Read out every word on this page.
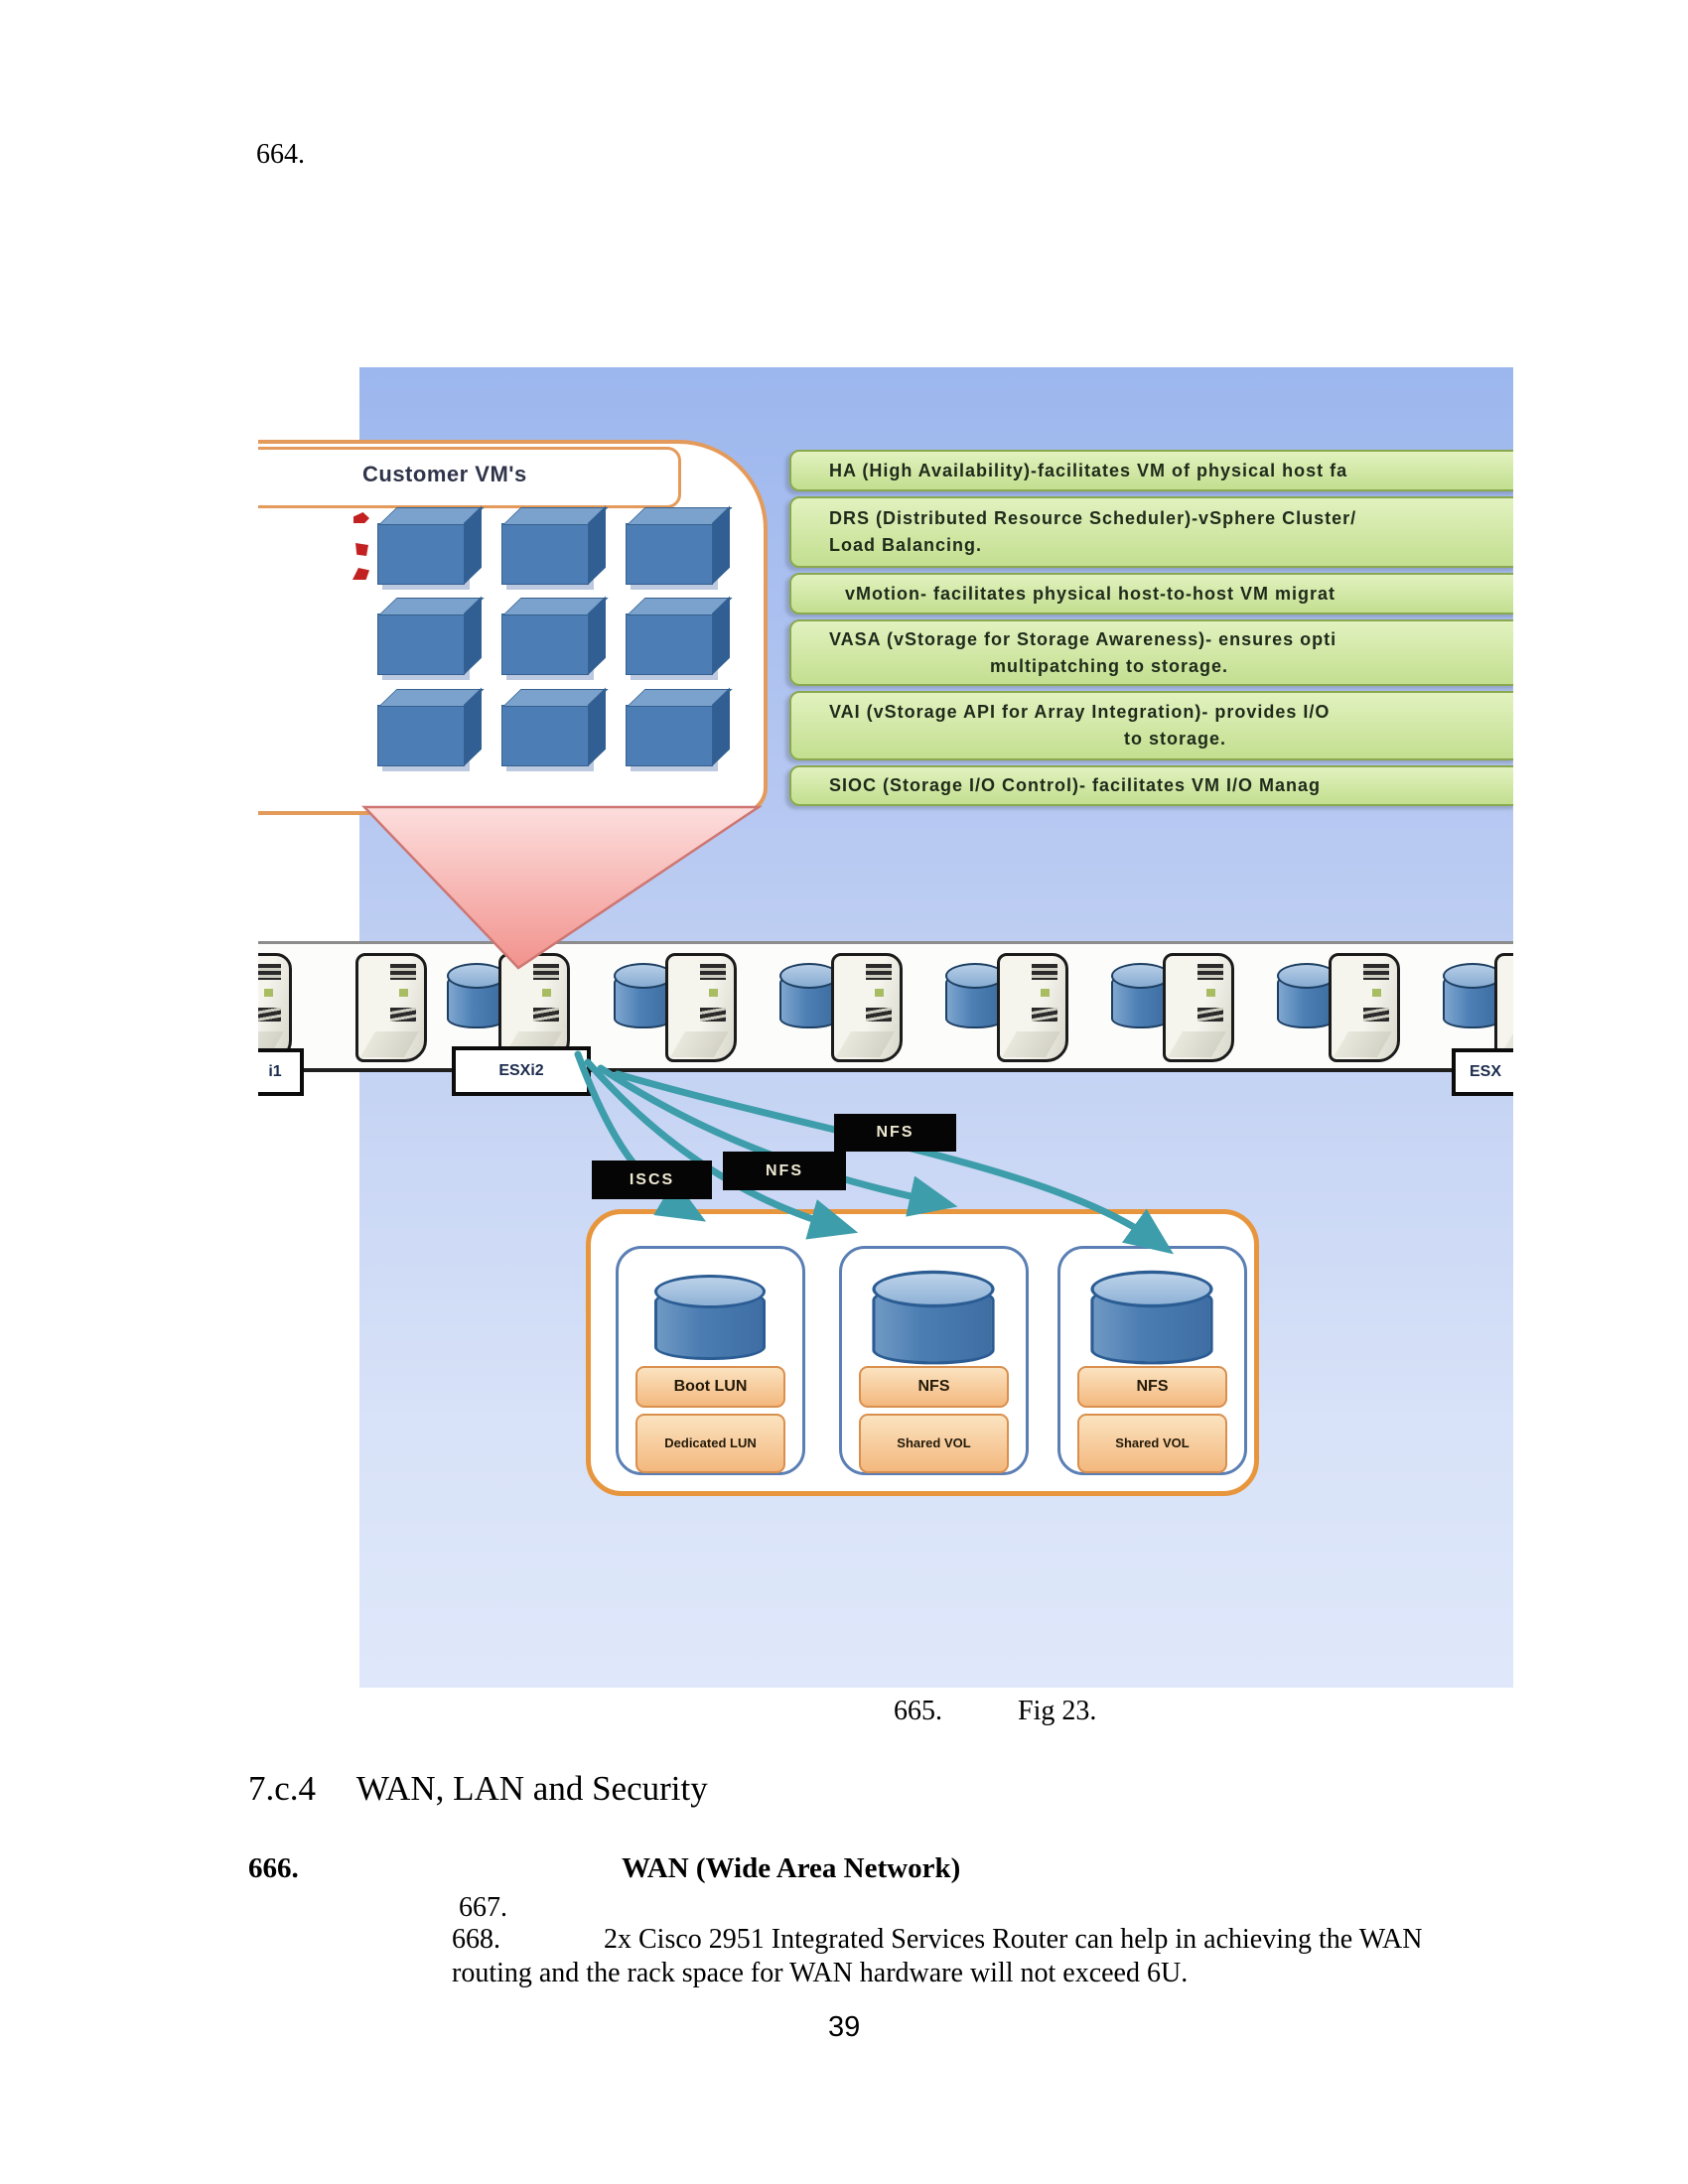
664.
Customer VM's	HA (High Availability)-facilitates VM of physical host fa
DRS (Distributed Resource Scheduler)-vSphere Cluster/
Load Balancing.
vMotion- facilitates physical host-to-host VM migrat
VASA (vStorage for Storage Awareness)- ensures opti
multipatching to storage.
VAI (vStorage API for Array Integration)- provides I/O
to storage.
SIOC (Storage I/O Control)- facilitates VM I/O Manag
i1	ESXi2	ESX
Boot LUN
Dedicated LUN
NFS
Shared VOL
NFS
Shared VOL
ISCS
NFS
NFS
665.	Fig 23.
7.c.4 WAN, LAN and Security
666.	WAN (Wide Area Network)
667.
668.	2x Cisco 2951 Integrated Services Router can help in achieving the WAN
routing and the rack space for WAN hardware will not exceed 6U.
39
